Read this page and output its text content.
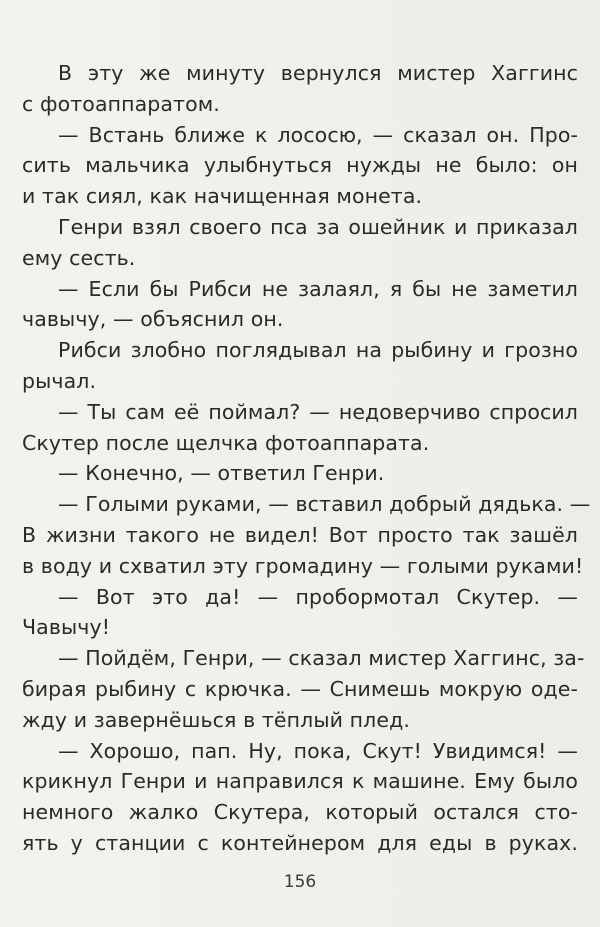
В эту же минуту вернулся мистер Хаггинс
с фотоаппаратом.
— Встань ближе к лососю, — сказал он. Про-
сить мальчика улыбнуться нужды не было: он
и так сиял, как начищенная монета.
Генри взял своего пса за ошейник и приказал
ему сесть.
— Если бы Рибси не залаял, я бы не заметил
чавычу, — объяснил он.
Рибси злобно поглядывал на рыбину и грозно
рычал.
— Ты сам её поймал? — недоверчиво спросил
Скутер после щелчка фотоаппарата.
— Конечно, — ответил Генри.
— Голыми руками, — вставил добрый дядька. —
В жизни такого не видел! Вот просто так зашёл
в воду и схватил эту громадину — голыми руками!
— Вот это да! — пробормотал Скутер. —
Чавычу!
— Пойдём, Генри, — сказал мистер Хаггинс, за-
бирая рыбину с крючка. — Снимешь мокрую оде-
жду и завернёшься в тёплый плед.
— Хорошо, пап. Ну, пока, Скут! Увидимся! —
крикнул Генри и направился к машине. Ему было
немного жалко Скутера, который остался сто-
ять у станции с контейнером для еды в руках.
156
